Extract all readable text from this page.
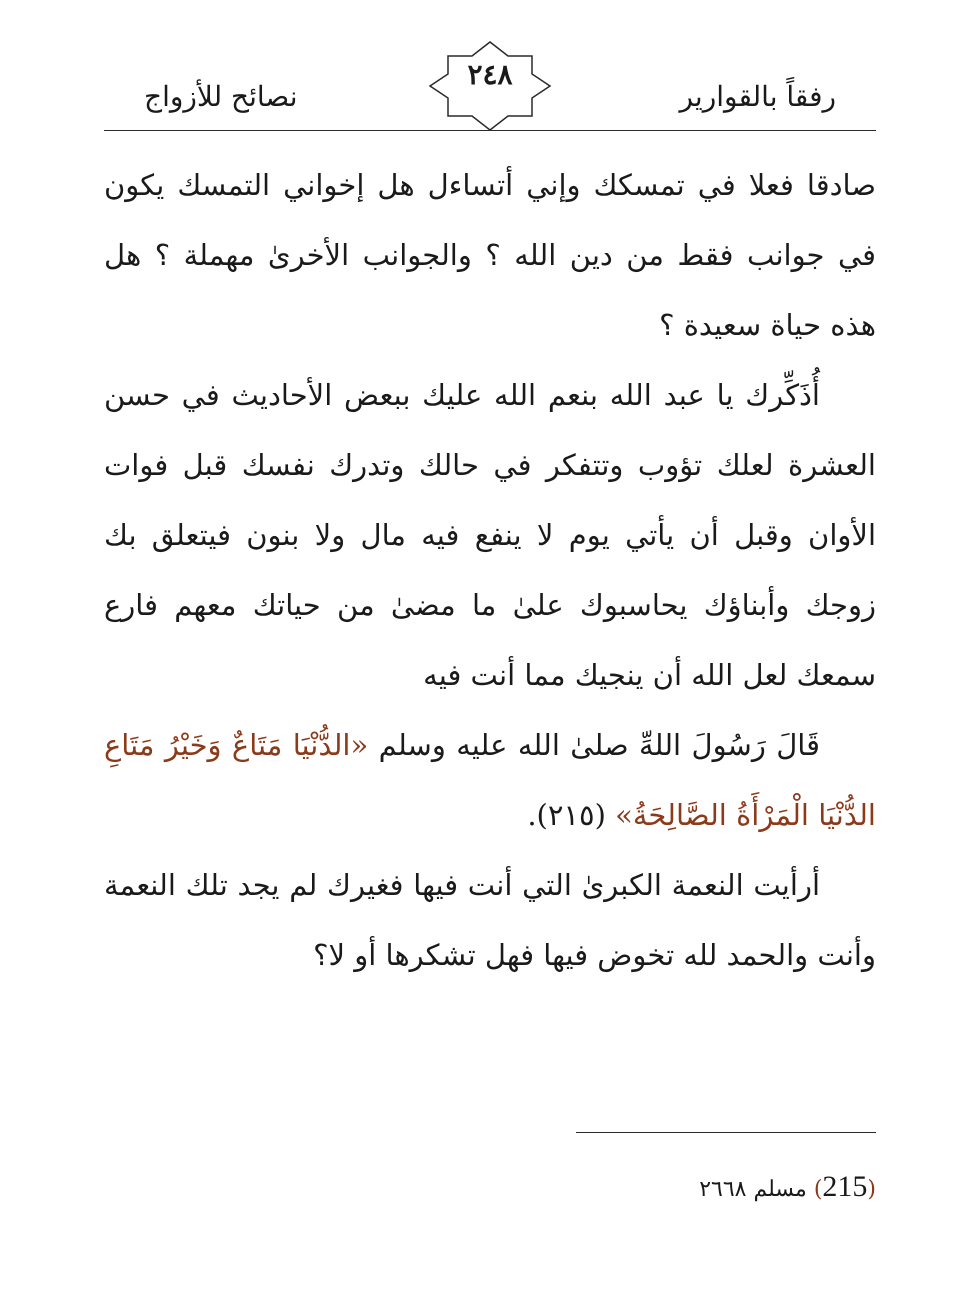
رفقاً بالقوارير
٢٤٨
نصائح للأزواج

صادقا فعلا في تمسكك وإني أتساءل هل إخواني التمسك يكون في جوانب فقط من دين الله ؟ والجوانب الأخرىٰ مهملة ؟ هل هذه حياة سعيدة ؟

أُذَكِّرك يا عبد الله بنعم الله عليك ببعض الأحاديث في حسن العشرة لعلك تؤوب وتتفكر في حالك وتدرك نفسك قبل فوات الأوان وقبل أن يأتي يوم لا ينفع فيه مال ولا بنون فيتعلق بك زوجك وأبناؤك يحاسبوك علىٰ ما مضىٰ من حياتك معهم فارع سمعك لعل الله أن ينجيك مما أنت فيه

قَالَ رَسُولَ اللهِّ صلىٰ الله عليه وسلم «الدُّنْيَا مَتَاعٌ وَخَيْرُ مَتَاعِ الدُّنْيَا الْمَرْأَةُ الصَّالِحَةُ» (٢١٥).

أرأيت النعمة الكبرىٰ التي أنت فيها فغيرك لم يجد تلك النعمة وأنت والحمد لله تخوض فيها فهل تشكرها أو لا؟

(215) مسلم ٢٦٦٨
